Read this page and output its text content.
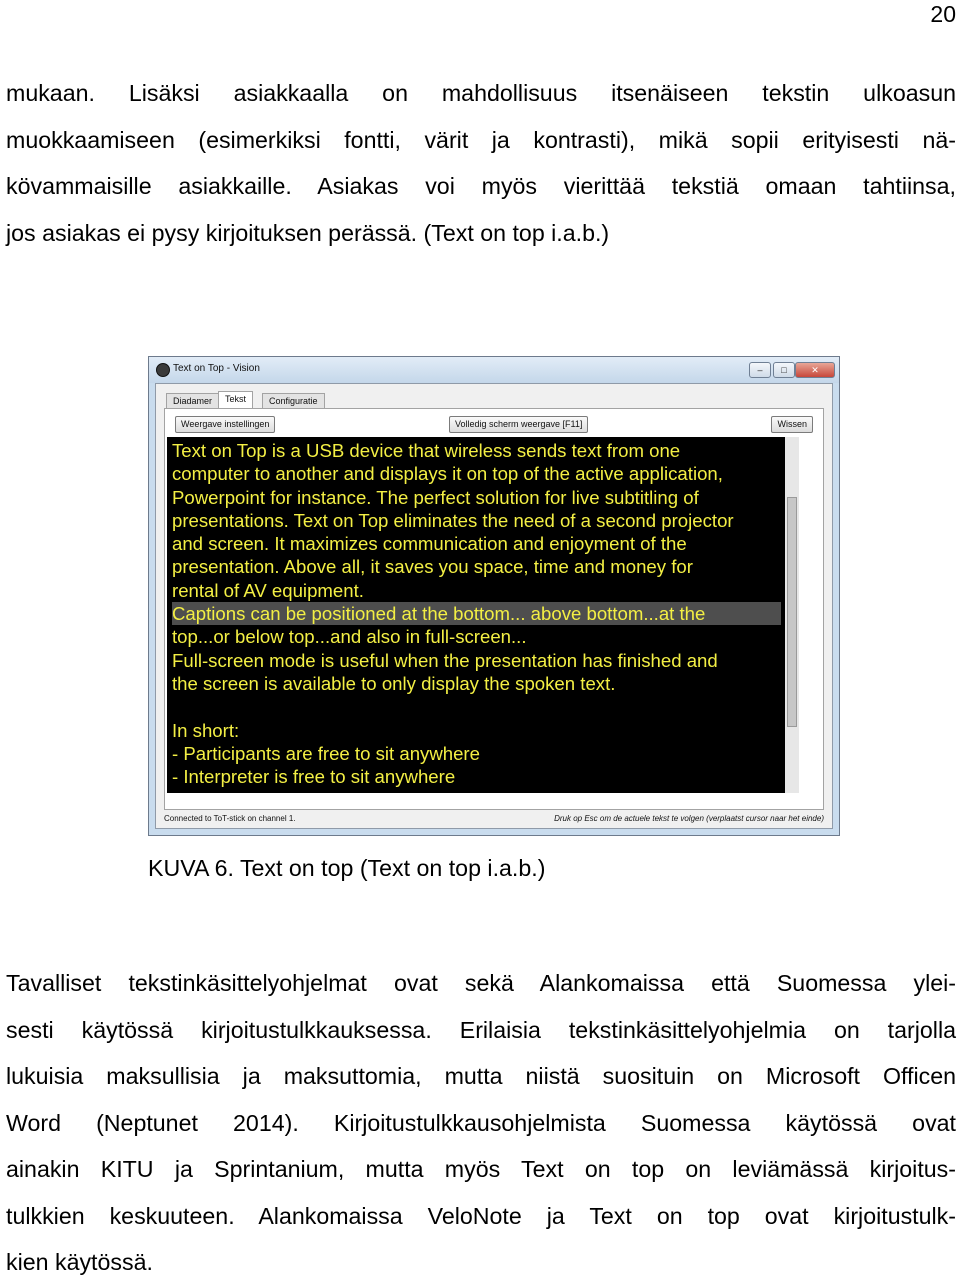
20
mukaan. Lisäksi asiakkaalla on mahdollisuus itsenäiseen tekstin ulkoasun
muokkaamiseen (esimerkiksi fontti, värit ja kontrasti), mikä sopii erityisesti nä-
kövammaisille asiakkaille. Asiakas voi myös vierittää tekstiä omaan tahtiinsa,
jos asiakas ei pysy kirjoituksen perässä. (Text on top i.a.b.)
Text on Top - Vision	–	□	✕
Diadamer	Tekst	Configuratie
Weergave instellingen	Volledig scherm weergave [F11]	Wissen
Text on Top is a USB device that wireless sends text from one
computer to another and displays it on top of the active application,
Powerpoint for instance. The perfect solution for live subtitling of
presentations. Text on Top eliminates the need of a second projector
and screen. It maximizes communication and enjoyment of the
presentation. Above all, it saves you space, time and money for
rental of AV equipment.
Captions can be positioned at the bottom... above bottom...at the
top...or below top...and also in full-screen...
Full-screen mode is useful when the presentation has finished and
the screen is available to only display the spoken text.
In short:
- Participants are free to sit anywhere
- Interpreter is free to sit anywhere
Connected to ToT-stick on channel 1.	Druk op Esc om de actuele tekst te volgen (verplaatst cursor naar het einde)
KUVA 6. Text on top (Text on top i.a.b.)
Tavalliset tekstinkäsittelyohjelmat ovat sekä Alankomaissa että Suomessa ylei-
sesti käytössä kirjoitustulkkauksessa. Erilaisia tekstinkäsittelyohjelmia on tarjolla
lukuisia maksullisia ja maksuttomia, mutta niistä suosituin on Microsoft Officen
Word (Neptunet 2014). Kirjoitustulkkausohjelmista Suomessa käytössä ovat
ainakin KITU ja Sprintanium, mutta myös Text on top on leviämässä kirjoitus-
tulkkien keskuuteen. Alankomaissa VeloNote ja Text on top ovat kirjoitustulk-
kien käytössä.
